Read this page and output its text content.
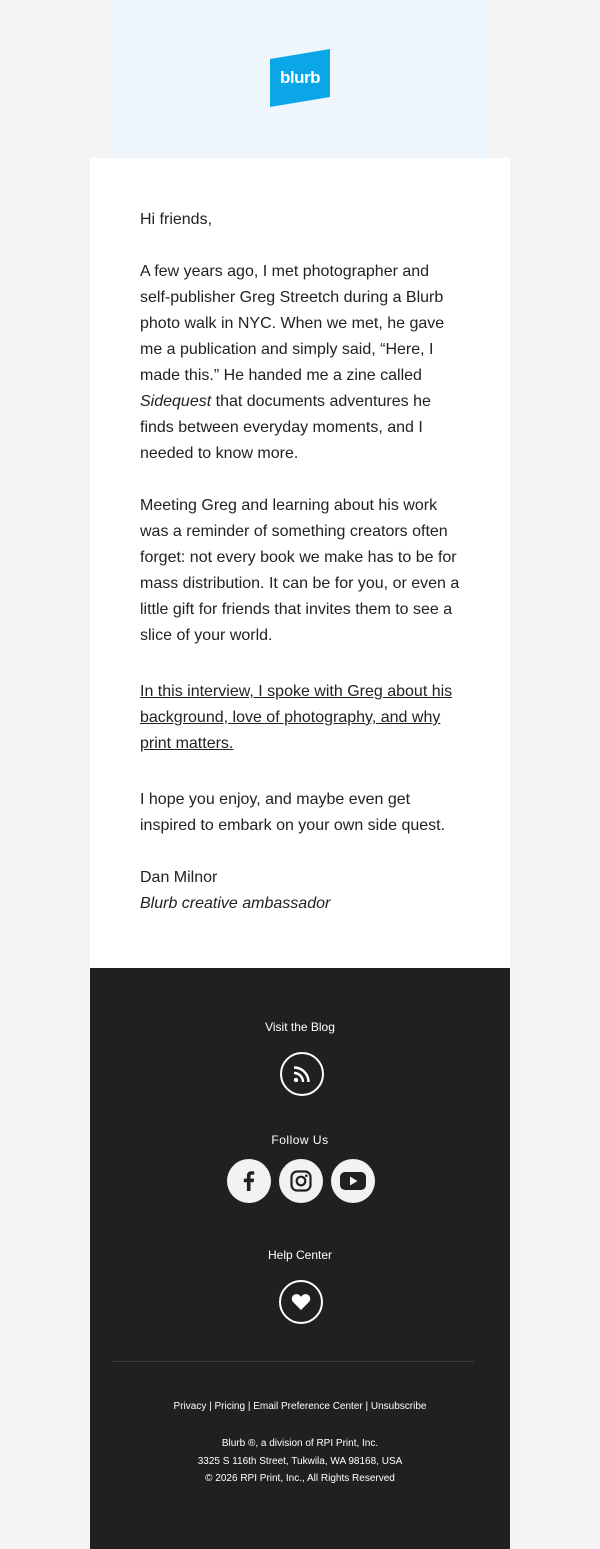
blurb

Hi friends,

A few years ago, I met photographer and self-publisher Greg Streetch during a Blurb photo walk in NYC. When we met, he gave me a publication and simply said, “Here, I made this.” He handed me a zine called Sidequest that documents adventures he finds between everyday moments, and I needed to know more.

Meeting Greg and learning about his work was a reminder of something creators often forget: not every book we make has to be for mass distribution. It can be for you, or even a little gift for friends that invites them to see a slice of your world.

In this interview, I spoke with Greg about his background, love of photography, and why print matters.

I hope you enjoy, and maybe even get inspired to embark on your own side quest.

Dan Milnor

Blurb creative ambassador

Visit the Blog
Follow Us
Help Center
Privacy | Pricing | Email Preference Center | Unsubscribe
Blurb ®, a division of RPI Print, Inc.
3325 S 116th Street, Tukwila, WA 98168, USA
© 2026 RPI Print, Inc., All Rights Reserved
